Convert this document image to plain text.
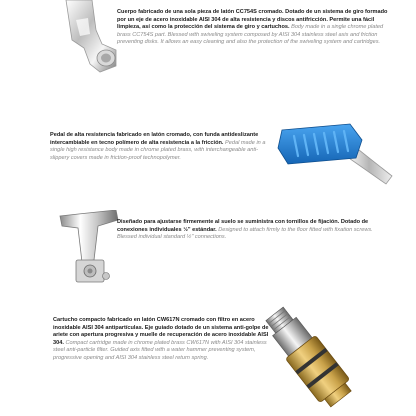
Cuerpo fabricado de una sola pieza de latón CC754S cromado. Dotado de un sistema de giro formado por un eje de acero inoxidable AISI 304 de alta resistencia y discos antifricción. Permite una fácil limpieza, así como la protección del sistema de giro y cartuchos. Body made in a single chrome plated brass CC754S part. Blessed with swiveling system composed by AISI 304 stainless steel axis and friction preventing disks. It allows an easy cleaning and also the protection of the swiveling system and cartridges.
Pedal de alta resistencia fabricado en latón cromado, con funda antideslizante intercambiable en tecno polímero de alta resistencia a la fricción. Pedal made in a single high resistance body made in chrome plated brass, with interchangeable anti-slippery covers made in friction-proof technopolymer.
Diseñado para ajustarse firmemente al suelo se suministra con tornillos de fijación. Dotado de conexiones individuales ½" estándar. Designed to attach firmly to the floor fitted with fixation screws. Blessed individual standard ½" connections.
Cartucho compacto fabricado en latón CW617N cromado con filtro en acero inoxidable AISI 304 antipartículas. Eje guiado dotado de un sistema anti-golpe de ariete con apertura progresiva y muelle de recuperación de acero inoxidable AISI 304. Compact cartridge made in chrome plated brass CW617N with AISI 304 stainless steel anti-particle filter. Guided axis fitted with a water hammer preventing system, progressive opening and AISI 304 stainless steel return spring.
